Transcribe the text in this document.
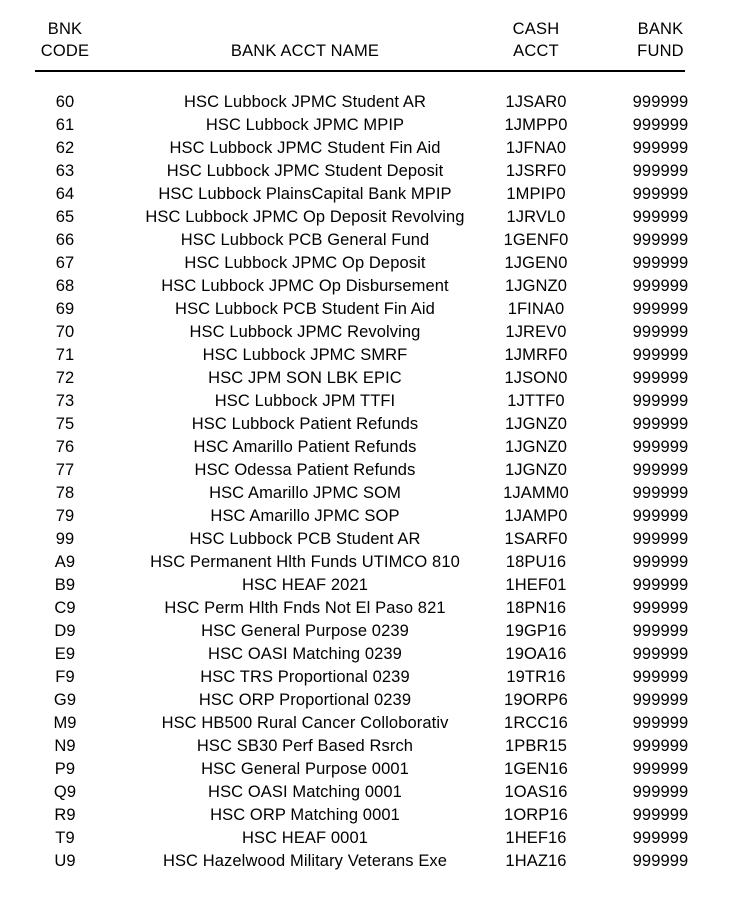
BNK		CASH	BANK

CODE	BANK ACCT NAME	ACCT	FUND

60	HSC Lubbock JPMC Student AR	1JSAR0	999999
61	HSC Lubbock JPMC MPIP	1JMPP0	999999
62	HSC Lubbock JPMC Student Fin Aid	1JFNA0	999999
63	HSC Lubbock JPMC Student Deposit	1JSRF0	999999
64	HSC Lubbock PlainsCapital Bank MPIP	1MPIP0	999999
65	HSC Lubbock JPMC Op Deposit Revolving	1JRVL0	999999
66	HSC Lubbock PCB General Fund	1GENF0	999999
67	HSC Lubbock JPMC Op Deposit	1JGEN0	999999
68	HSC Lubbock JPMC Op Disbursement	1JGNZ0	999999
69	HSC Lubbock PCB Student Fin Aid	1FINA0	999999
70	HSC Lubbock JPMC Revolving	1JREV0	999999
71	HSC Lubbock JPMC SMRF	1JMRF0	999999
72	HSC JPM SON LBK EPIC	1JSON0	999999
73	HSC Lubbock JPM TTFI	1JTTF0	999999
75	HSC Lubbock Patient Refunds	1JGNZ0	999999
76	HSC Amarillo Patient Refunds	1JGNZ0	999999
77	HSC Odessa Patient Refunds	1JGNZ0	999999
78	HSC Amarillo JPMC SOM	1JAMM0	999999
79	HSC Amarillo JPMC SOP	1JAMP0	999999
99	HSC Lubbock PCB Student AR	1SARF0	999999
A9	HSC Permanent Hlth Funds UTIMCO 810	18PU16	999999
B9	HSC HEAF 2021	1HEF01	999999
C9	HSC Perm Hlth Fnds Not El Paso 821	18PN16	999999
D9	HSC General Purpose 0239	19GP16	999999
E9	HSC OASI Matching 0239	19OA16	999999
F9	HSC TRS Proportional 0239	19TR16	999999
G9	HSC ORP Proportional 0239	19ORP6	999999
M9	HSC HB500 Rural Cancer Colloborativ	1RCC16	999999
N9	HSC SB30 Perf Based Rsrch	1PBR15	999999
P9	HSC General Purpose 0001	1GEN16	999999
Q9	HSC OASI Matching 0001	1OAS16	999999
R9	HSC ORP Matching 0001	1ORP16	999999
T9	HSC HEAF 0001	1HEF16	999999
U9	HSC Hazelwood Military Veterans Exe	1HAZ16	999999
